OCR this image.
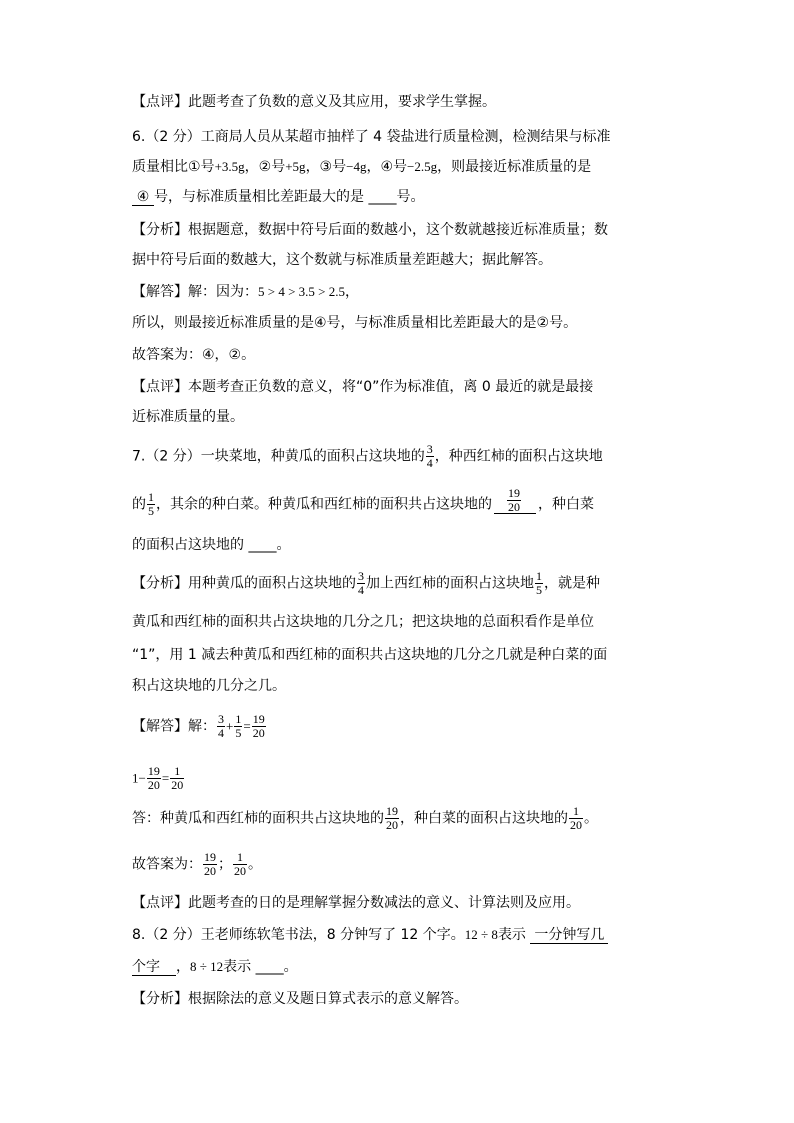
【点评】此题考查了负数的意义及其应用，要求学生掌握。
6.（2 分）工商局人员从某超市抽样了 4 袋盐进行质量检测，检测结果与标准
质量相比①号+3.5g，②号+5g，③号−4g，④号−2.5g，则最接近标准质量的是
④ 号，与标准质量相比差距最大的是 ____号。
【分析】根据题意，数据中符号后面的数越小，这个数就越接近标准质量；数
据中符号后面的数越大，这个数就与标准质量差距越大；据此解答。
【解答】解：因为：5 > 4 > 3.5 > 2.5，
所以，则最接近标准质量的是④号，与标准质量相比差距最大的是②号。
故答案为：④，②。
【点评】本题考查正负数的意义，将“0”作为标准值，离 0 最近的就是最接
近标准质量的量。
7.（2 分）一块菜地，种黄瓜的面积占这块地的 $\frac{3}{4}$ ，种西红柿的面积占这块地
的 $\frac{1}{5}$ ，其余的种白菜。种黄瓜和西红柿的面积共占这块地的 $\frac{19}{20}$ ，种白菜
的面积占这块地的 ____。
【分析】用种黄瓜的面积占这块地的 $\frac{3}{4}$ 加上西红柿的面积占这块地 $\frac{1}{5}$ ，就是种
黄瓜和西红柿的面积共占这块地的几分之几；把这块地的总面积看作是单位
“1”，用 1 减去种黄瓜和西红柿的面积共占这块地的几分之几就是种白菜的面
积占这块地的几分之几。
【解答】解： $\frac{3}{4} + \frac{1}{5} = \frac{19}{20}$
$1- \frac{19}{20} = \frac{1}{20}$
答：种黄瓜和西红柿的面积共占这块地的 $\frac{19}{20}$ ，种白菜的面积占这块地的 $\frac{1}{20}$ 。
故答案为： $\frac{19}{20}$ ； $\frac{1}{20}$ 。
【点评】此题考查的日的是理解掌握分数减法的意义、计算法则及应用。
8.（2 分）王老师练软笔书法，8 分钟写了 12 个字。12 ÷ 8表示 一分钟写几
个字 ，8 ÷ 12表示 ____。
【分析】根据除法的意义及题日算式表示的意义解答。
